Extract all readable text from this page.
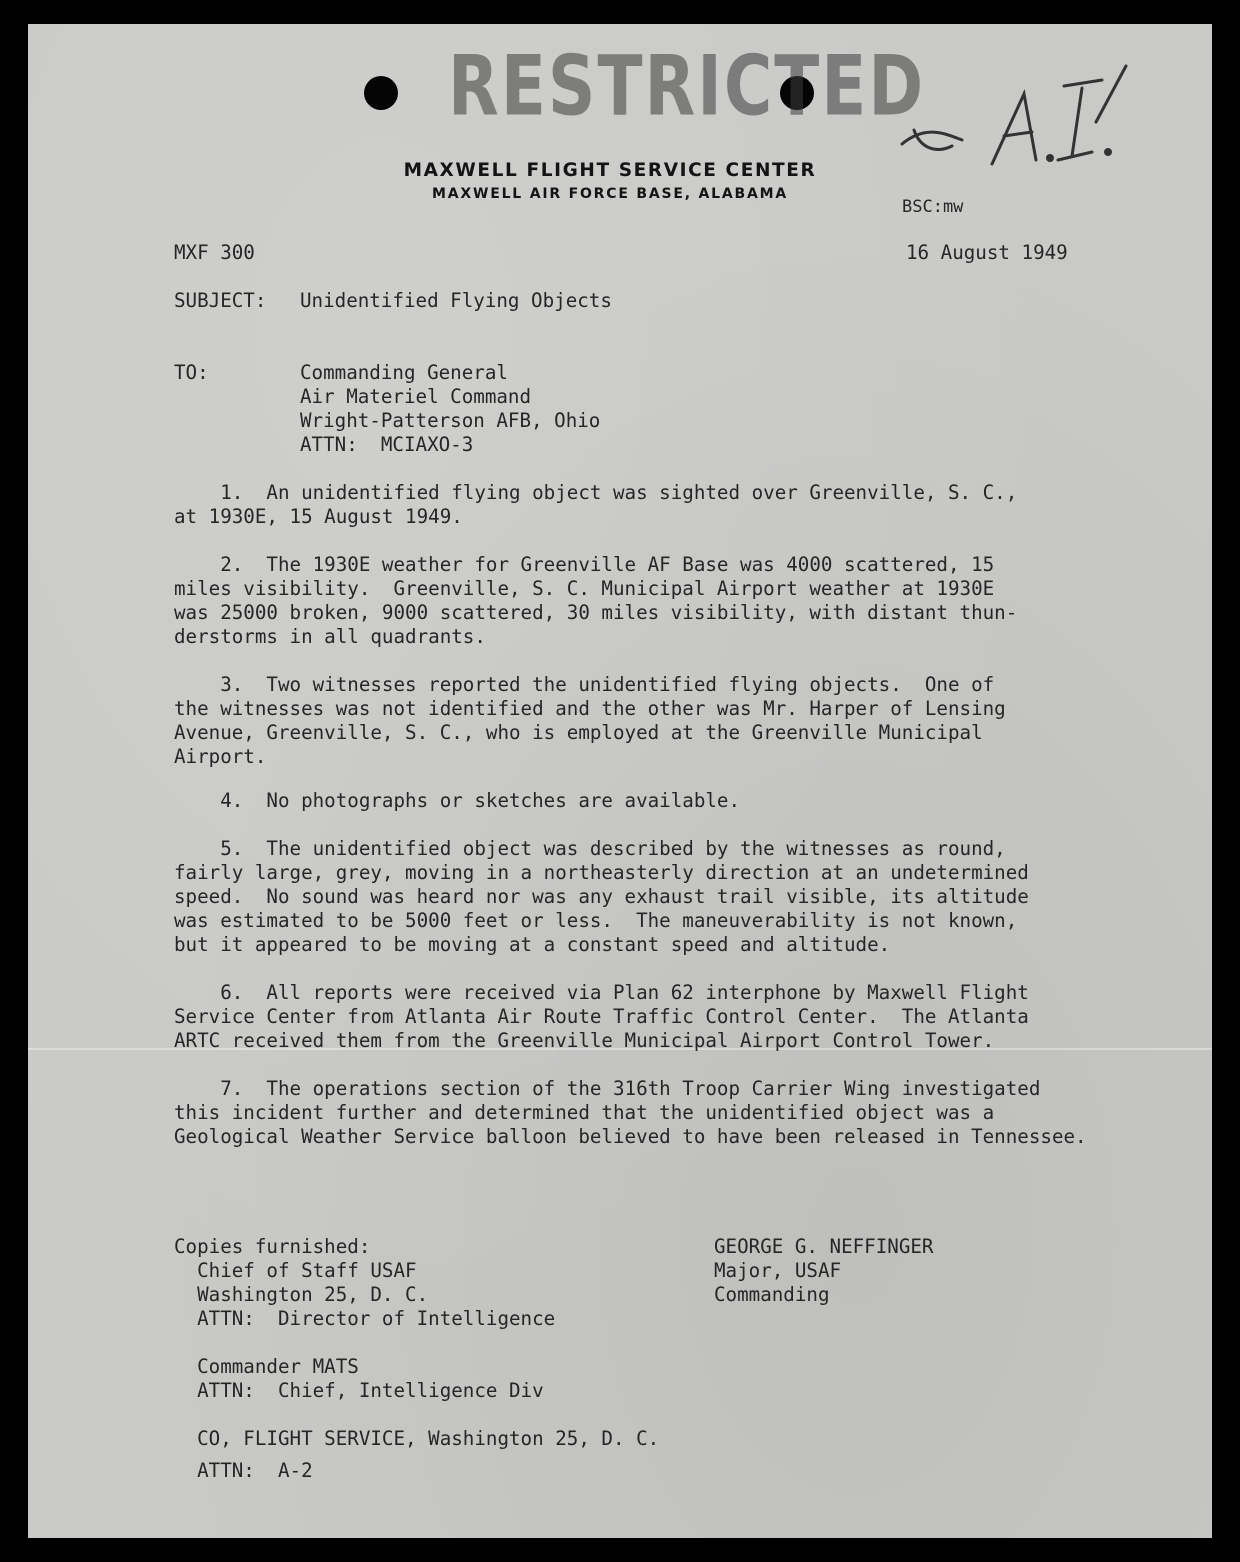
RESTRICTED
MAXWELL FLIGHT SERVICE CENTER
MAXWELL AIR FORCE BASE, ALABAMA
BSC:mw
MXF 300	16 August 1949
SUBJECT: Unidentified Flying Objects
TO:	Commanding General
Air Materiel Command
Wright-Patterson AFB, Ohio
ATTN:  MCIAXO-3
1.  An unidentified flying object was sighted over Greenville, S. C.,
at 1930E, 15 August 1949.
2.  The 1930E weather for Greenville AF Base was 4000 scattered, 15
miles visibility.  Greenville, S. C. Municipal Airport weather at 1930E
was 25000 broken, 9000 scattered, 30 miles visibility, with distant thun-
derstorms in all quadrants.
3.  Two witnesses reported the unidentified flying objects.  One of
the witnesses was not identified and the other was Mr. Harper of Lensing
Avenue, Greenville, S. C., who is employed at the Greenville Municipal
Airport.
4.  No photographs or sketches are available.
5.  The unidentified object was described by the witnesses as round,
fairly large, grey, moving in a northeasterly direction at an undetermined
speed.  No sound was heard nor was any exhaust trail visible, its altitude
was estimated to be 5000 feet or less.  The maneuverability is not known,
but it appeared to be moving at a constant speed and altitude.
6.  All reports were received via Plan 62 interphone by Maxwell Flight
Service Center from Atlanta Air Route Traffic Control Center.  The Atlanta
ARTC received them from the Greenville Municipal Airport Control Tower.
7.  The operations section of the 316th Troop Carrier Wing investigated
this incident further and determined that the unidentified object was a
Geological Weather Service balloon believed to have been released in Tennessee.
Copies furnished:
Chief of Staff USAF
Washington 25, D. C.
ATTN:  Director of Intelligence
Commander MATS
ATTN:  Chief, Intelligence Div
CO, FLIGHT SERVICE, Washington 25, D. C.
ATTN:  A-2
GEORGE G. NEFFINGER
Major, USAF
Commanding
